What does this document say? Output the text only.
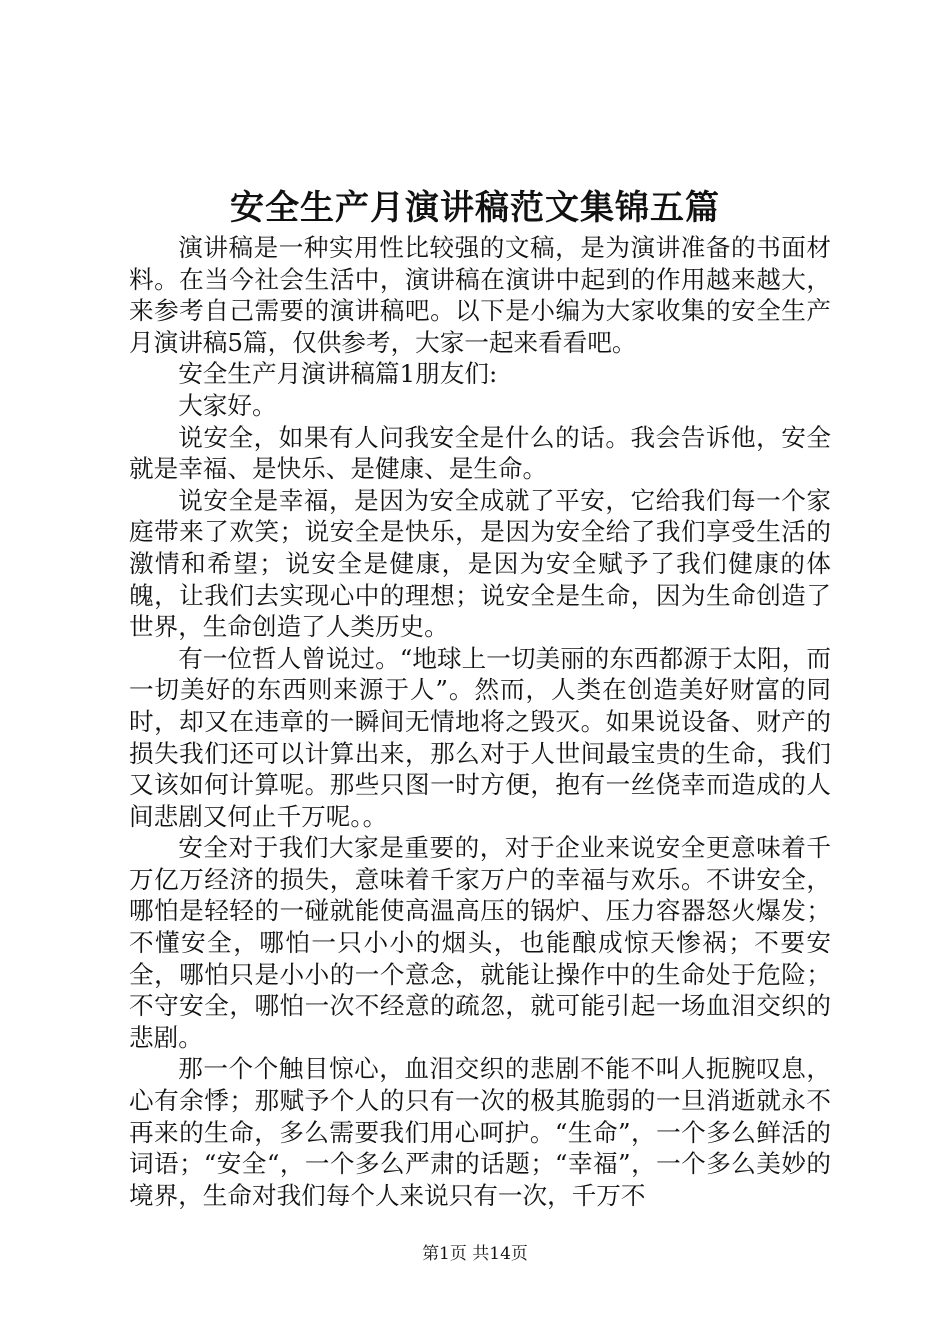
安全生产月演讲稿范文集锦五篇

演讲稿是一种实用性比较强的文稿，是为演讲准备的书面材料。在当今社会生活中，演讲稿在演讲中起到的作用越来越大，来参考自己需要的演讲稿吧。以下是小编为大家收集的安全生产月演讲稿5篇，仅供参考，大家一起来看看吧。

安全生产月演讲稿篇1朋友们:

大家好。

说安全，如果有人问我安全是什么的话。我会告诉他，安全就是幸福、是快乐、是健康、是生命。

说安全是幸福，是因为安全成就了平安，它给我们每一个家庭带来了欢笑；说安全是快乐，是因为安全给了我们享受生活的激情和希望；说安全是健康，是因为安全赋予了我们健康的体魄，让我们去实现心中的理想；说安全是生命，因为生命创造了世界，生命创造了人类历史。

有一位哲人曾说过。“地球上一切美丽的东西都源于太阳，而一切美好的东西则来源于人”。然而，人类在创造美好财富的同时，却又在违章的一瞬间无情地将之毁灭。如果说设备、财产的损失我们还可以计算出来，那么对于人世间最宝贵的生命，我们又该如何计算呢。那些只图一时方便，抱有一丝侥幸而造成的人间悲剧又何止千万呢。。

安全对于我们大家是重要的，对于企业来说安全更意味着千万亿万经济的损失，意味着千家万户的幸福与欢乐。不讲安全，哪怕是轻轻的一碰就能使高温高压的锅炉、压力容器怒火爆发；不懂安全，哪怕一只小小的烟头，也能酿成惊天惨祸；不要安全，哪怕只是小小的一个意念，就能让操作中的生命处于危险；不守安全，哪怕一次不经意的疏忽，就可能引起一场血泪交织的悲剧。

那一个个触目惊心，血泪交织的悲剧不能不叫人扼腕叹息，心有余悸；那赋予个人的只有一次的极其脆弱的一旦消逝就永不再来的生命，多么需要我们用心呵护。“生命”，一个多么鲜活的词语；“安全“，一个多么严肃的话题；“幸福”，一个多么美妙的境界，生命对我们每个人来说只有一次，千万不

第1页 共14页
